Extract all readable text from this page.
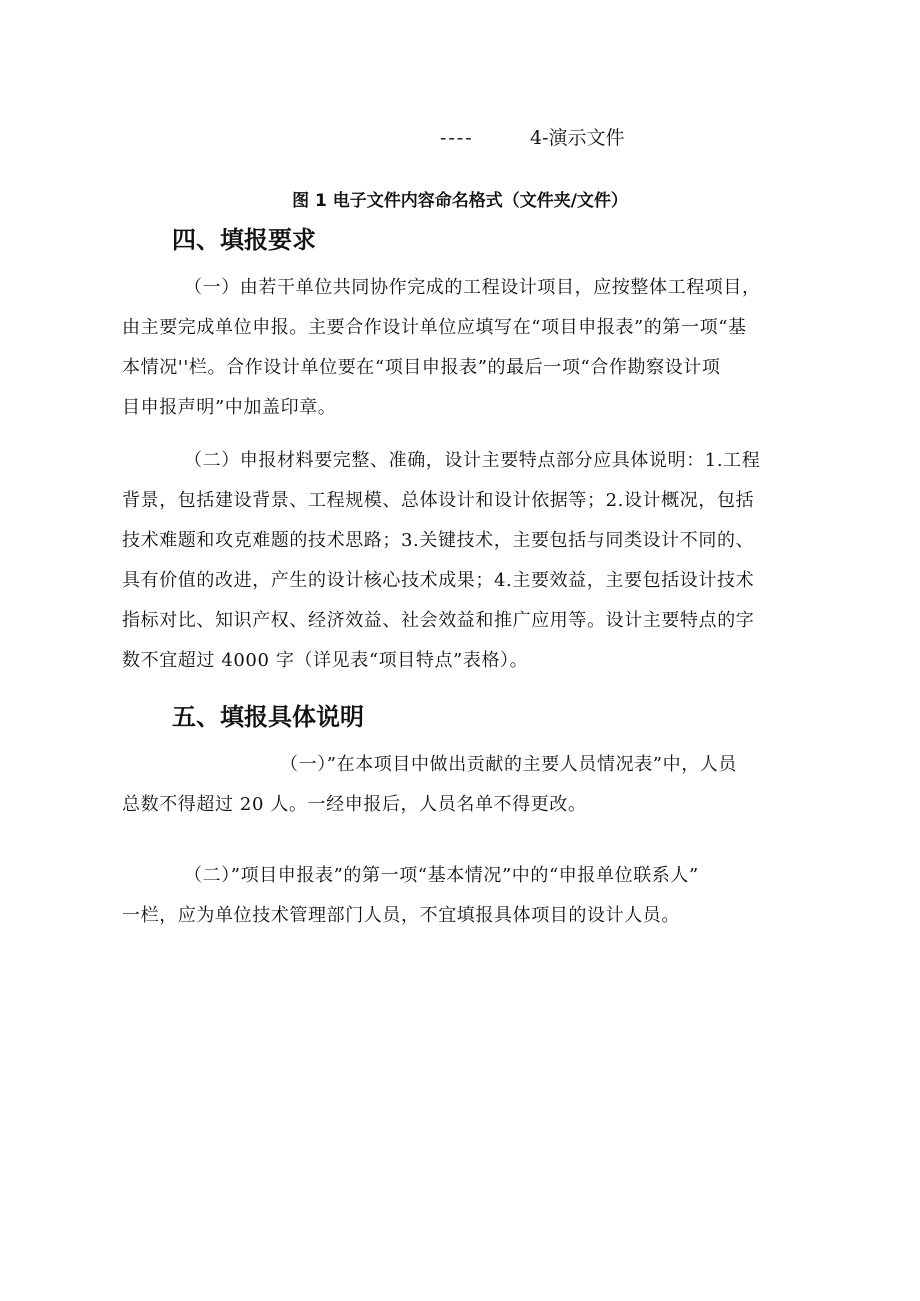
----	4-演示文件
图 1 电子文件内容命名格式（文件夹/文件）
四、填报要求
（一）由若干单位共同协作完成的工程设计项目，应按整体工程项目，
由主要完成单位申报。主要合作设计单位应填写在“项目申报表”的第一项“基
本情况''栏。合作设计单位要在“项目申报表”的最后一项“合作勘察设计项
目申报声明”中加盖印章。
（二）申报材料要完整、准确，设计主要特点部分应具体说明：1.工程
背景，包括建设背景、工程规模、总体设计和设计依据等；2.设计概况，包括
技术难题和攻克难题的技术思路；3.关键技术，主要包括与同类设计不同的、
具有价值的改进，产生的设计核心技术成果；4.主要效益，主要包括设计技术
指标对比、知识产权、经济效益、社会效益和推广应用等。设计主要特点的字
数不宜超过 4000 字（详见表“项目特点”表格）。
五、填报具体说明
（一）”在本项目中做出贡献的主要人员情况表”中，人员
总数不得超过 20 人。一经申报后，人员名单不得更改。
（二）”项目申报表”的第一项“基本情况”中的“申报单位联系人”
一栏，应为单位技术管理部门人员，不宜填报具体项目的设计人员。
